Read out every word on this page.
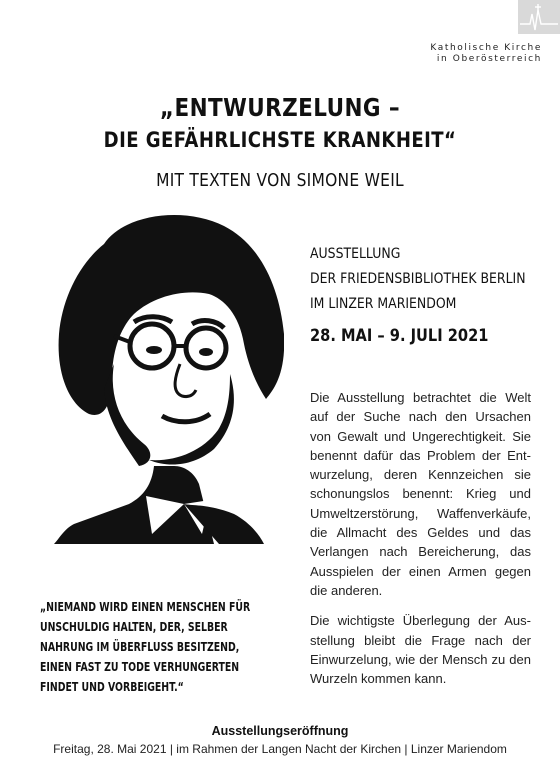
Katholische Kirche
in Oberösterreich
„ENTWURZELUNG –
DIE GEFÄHRLICHSTE KRANKHEIT“
MIT TEXTEN VON SIMONE WEIL
AUSSTELLUNG
DER FRIEDENSBIBLIOTHEK BERLIN
IM LINZER MARIENDOM
28. MAI – 9. JULI 2021

Die Ausstellung betrachtet die Welt auf der Suche nach den Ursachen von Gewalt und Ungerechtigkeit. Sie benennt dafür das Problem der Entwurzelung, deren Kennzeichen sie schonungslos benennt: Krieg und Umweltzerstörung, Waffenverkäufe, die Allmacht des Geldes und das Verlangen nach Bereicherung, das Ausspielen der einen Armen gegen die anderen.

Die wichtigste Überlegung der Ausstellung bleibt die Frage nach der Einwurzelung, wie der Mensch zu den Wurzeln kommen kann.

„NIEMAND WIRD EINEN MENSCHEN FÜR
UNSCHULDIG HALTEN, DER, SELBER
NAHRUNG IM ÜBERFLUSS BESITZEND,
EINEN FAST ZU TODE VERHUNGERTEN
FINDET UND VORBEIGEHT.“
Ausstellungseröffnung
Freitag, 28. Mai 2021 | im Rahmen der Langen Nacht der Kirchen | Linzer Mariendom
